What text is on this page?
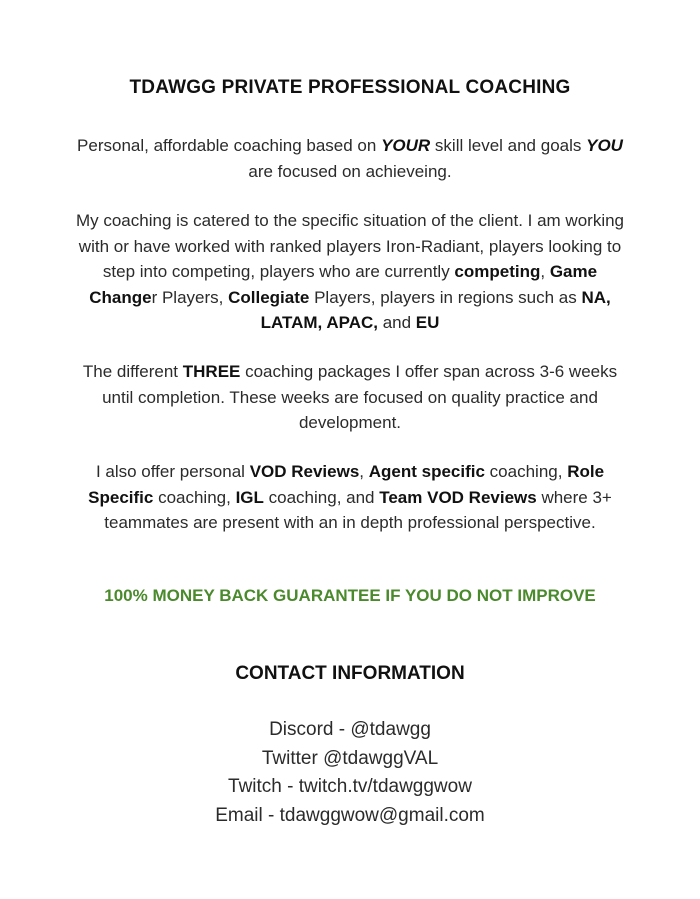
TDAWGG PRIVATE PROFESSIONAL COACHING
Personal, affordable coaching based on YOUR skill level and goals YOU are focused on achieveing.
My coaching is catered to the specific situation of the client. I am working with or have worked with ranked players Iron-Radiant, players looking to step into competing, players who are currently competing, Game Changer Players, Collegiate Players, players in regions such as NA, LATAM, APAC, and EU
The different THREE coaching packages I offer span across 3-6 weeks until completion. These weeks are focused on quality practice and development.
I also offer personal VOD Reviews, Agent specific coaching, Role Specific coaching, IGL coaching, and Team VOD Reviews where 3+ teammates are present with an in depth professional perspective.
100% MONEY BACK GUARANTEE IF YOU DO NOT IMPROVE
CONTACT INFORMATION
Discord - @tdawgg
Twitter @tdawggVAL
Twitch - twitch.tv/tdawggwow
Email - tdawggwow@gmail.com
